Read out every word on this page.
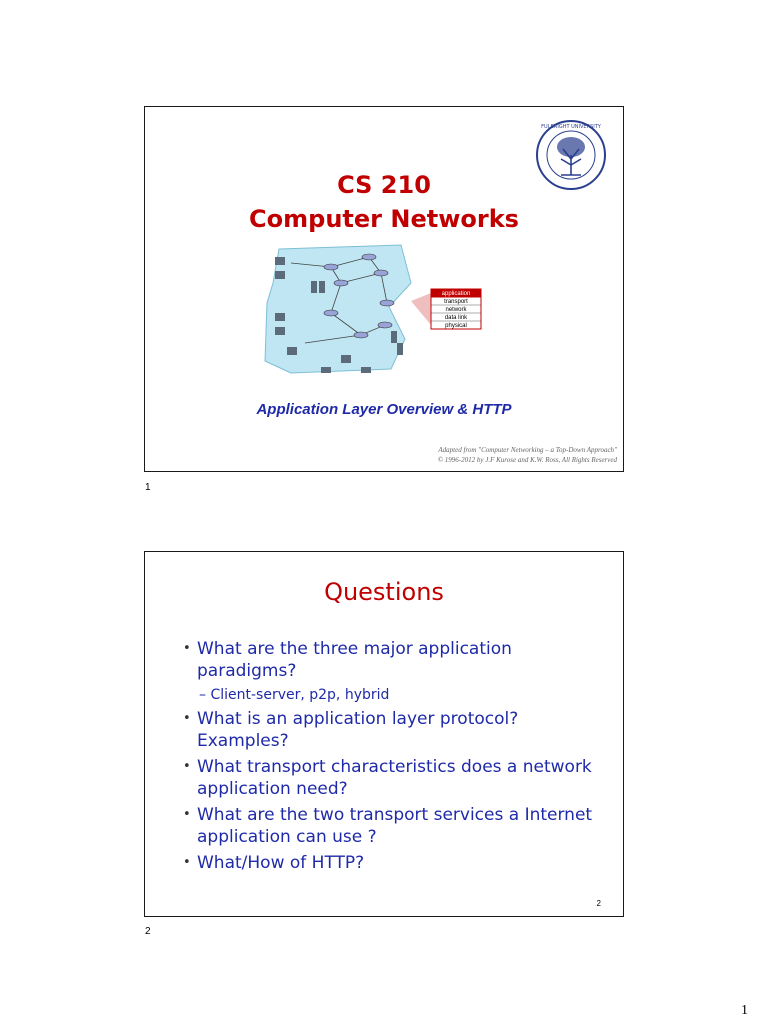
FULBRIGHT UNIVERSITY
CS 210
Computer Networks
application
transport
network
data link
physical
Application Layer Overview & HTTP
Adapted from "Computer Networking – a Top-Down Approach"
© 1996-2012 by J.F Kurose and K.W. Ross, All Rights Reserved
1
Questions
• What are the three major application paradigms?
– Client-server, p2p, hybrid
• What is an application layer protocol? Examples?
• What transport characteristics does a network application need?
• What are the two transport services a Internet application can use ?
• What/How of HTTP?
2
2
1
